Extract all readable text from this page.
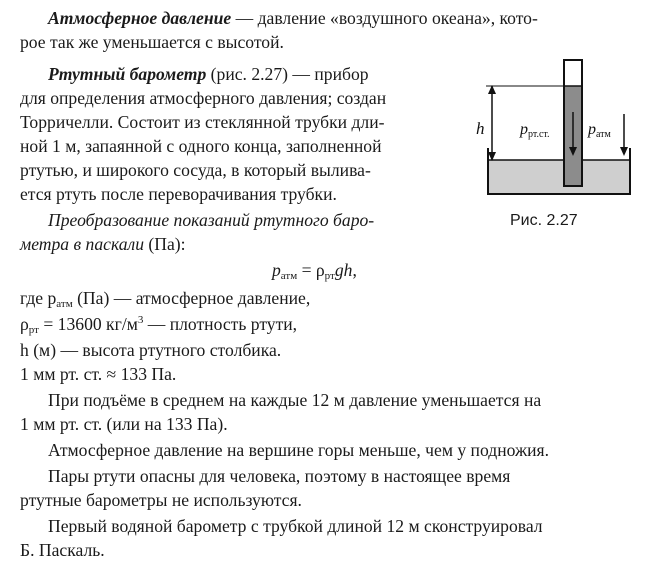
Атмосферное давление — давление «воздушного океана», кото-
рое так же уменьшается с высотой.
Ртутный барометр (рис. 2.27) — прибор
для определения атмосферного давления; создан
Торричелли. Состоит из стеклянной трубки дли-
ной 1 м, запаянной с одного конца, заполненной
ртутью, и широкого сосуда, в который вылива-
ется ртуть после переворачивания трубки.
Преобразование показаний ртутного баро-
метра в паскали (Па):
$p_{атм} = \rho_{рт}gh$,
где $p_{атм}$ (Па) — атмосферное давление,
$\rho_{рт} = 13600$ $кг/м^3$ — плотность ртути,
h (м) — высота ртутного столбика.
1 мм рт. ст. ≈ 133 Па.
При подъёме в среднем на каждые 12 м давление уменьшается на
1 мм рт. ст. (или на 133 Па).
Атмосферное давление на вершине горы меньше, чем у подножия.
Пары ртути опасны для человека, поэтому в настоящее время
ртутные барометры не используются.
Первый водяной барометр с трубкой длиной 12 м сконструировал
Б. Паскаль.
h pрт.ст. pатм
Рис. 2.27
